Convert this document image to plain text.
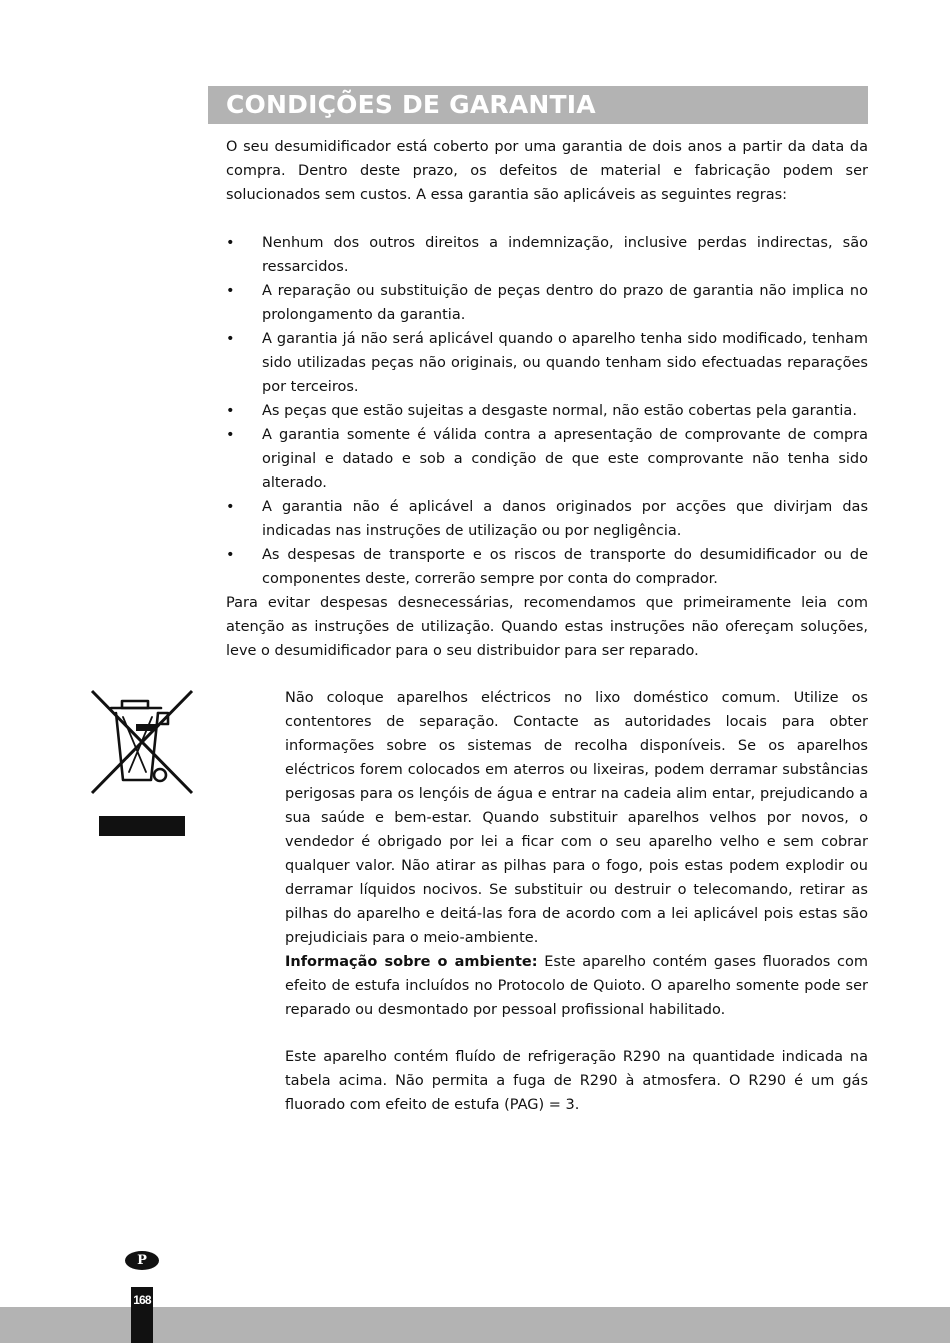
CONDIÇÕES DE GARANTIA

O seu desumidificador está coberto por uma garantia de dois anos a partir da data da compra. Dentro deste prazo, os defeitos de material e fabricação podem ser solucionados sem custos. A essa garantia são aplicáveis as seguintes regras:

• Nenhum dos outros direitos a indemnização, inclusive perdas indirectas, são ressarcidos.
• A reparação ou substituição de peças dentro do prazo de garantia não implica no prolongamento da garantia.
• A garantia já não será aplicável quando o aparelho tenha sido modificado, tenham sido utilizadas peças não originais, ou quando tenham sido efectuadas reparações por terceiros.
• As peças que estão sujeitas a desgaste normal, não estão cobertas pela garantia.
• A garantia somente é válida contra a apresentação de comprovante de compra original e datado e sob a condição de que este comprovante não tenha sido alterado.
• A garantia não é aplicável a danos originados por acções que divirjam das indicadas nas instruções de utilização ou por negligência.
• As despesas de transporte e os riscos de transporte do desumidificador ou de componentes deste, correrão sempre por conta do comprador.

Para evitar despesas desnecessárias, recomendamos que primeiramente leia com atenção as instruções de utilização. Quando estas instruções não ofereçam soluções, leve o desumidificador para o seu distribuidor para ser reparado.

Não coloque aparelhos eléctricos no lixo doméstico comum. Utilize os contentores de separação. Contacte as autoridades locais para obter informações sobre os sistemas de recolha disponíveis. Se os aparelhos eléctricos forem colocados em aterros ou lixeiras, podem derramar substâncias perigosas para os lençóis de água e entrar na cadeia alim entar, prejudicando a sua saúde e bem-estar. Quando substituir aparelhos velhos por novos, o vendedor é obrigado por lei a ficar com o seu aparelho velho e sem cobrar qualquer valor. Não atirar as pilhas para o fogo, pois estas podem explodir ou derramar líquidos nocivos. Se substituir ou destruir o telecomando, retirar as pilhas do aparelho e deitá-las fora de acordo com a lei aplicável pois estas são prejudiciais para o meio-ambiente.

Informação sobre o ambiente: Este aparelho contém gases fluorados com efeito de estufa incluídos no Protocolo de Quioto. O aparelho somente pode ser reparado ou desmontado por pessoal profissional habilitado.

Este aparelho contém fluído de refrigeração R290 na quantidade indicada na tabela acima. Não permita a fuga de R290 à atmosfera. O R290 é um gás fluorado com efeito de estufa (PAG) = 3.

P
168
